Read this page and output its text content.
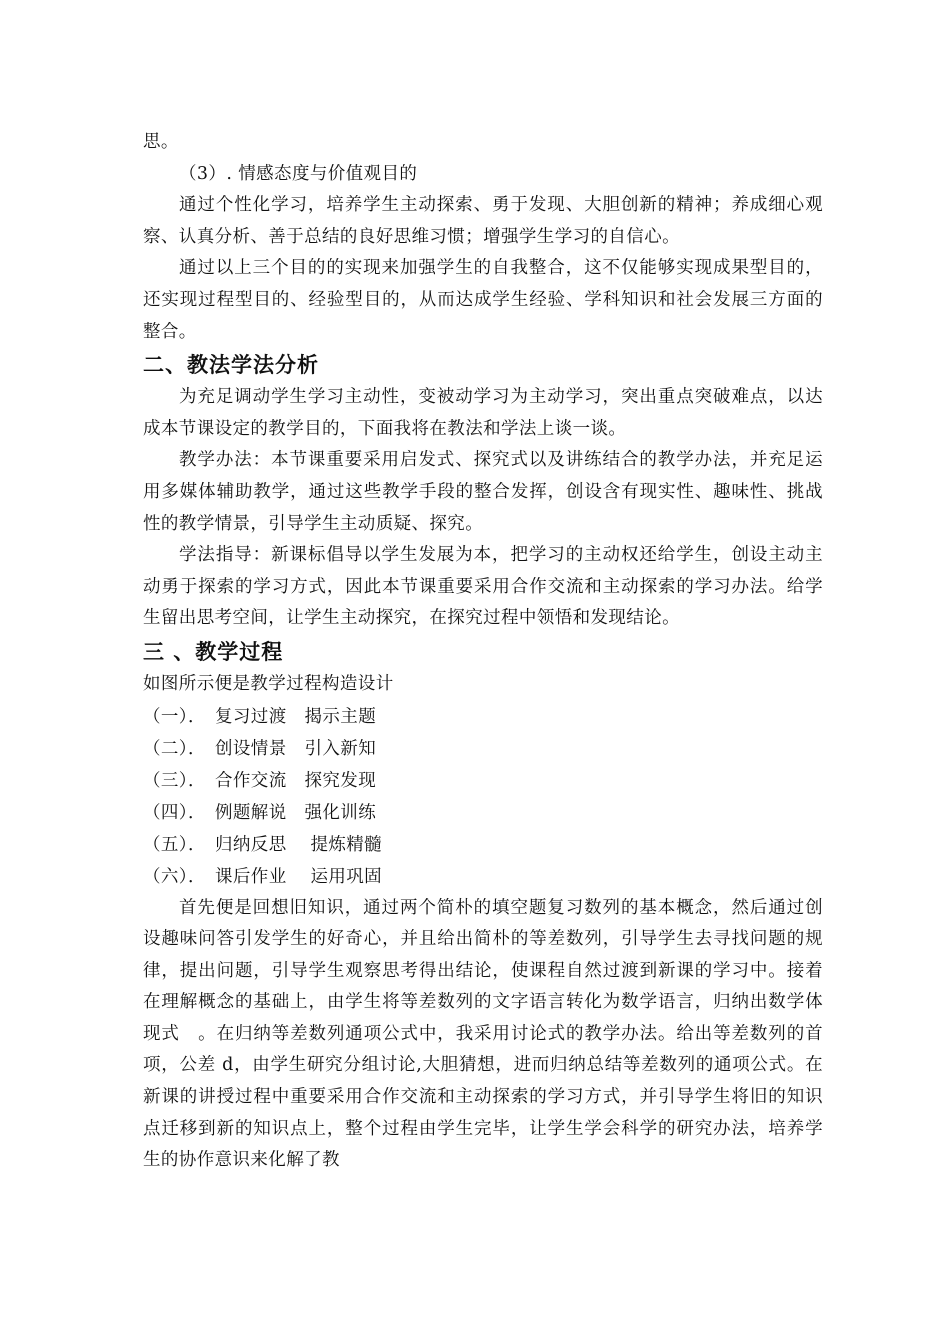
思。

（3）. 情感态度与价值观目的

通过个性化学习，培养学生主动探索、勇于发现、大胆创新的精神；养成细心观察、认真分析、善于总结的良好思维习惯；增强学生学习的自信心。

通过以上三个目的的实现来加强学生的自我整合，这不仅能够实现成果型目的，还实现过程型目的、经验型目的，从而达成学生经验、学科知识和社会发展三方面的整合。

二、教法学法分析

为充足调动学生学习主动性，变被动学习为主动学习，突出重点突破难点，以达成本节课设定的教学目的，下面我将在教法和学法上谈一谈。

教学办法：本节课重要采用启发式、探究式以及讲练结合的教学办法，并充足运用多媒体辅助教学，通过这些教学手段的整合发挥，创设含有现实性、趣味性、挑战性的教学情景，引导学生主动质疑、探究。

学法指导：新课标倡导以学生发展为本，把学习的主动权还给学生，创设主动主动勇于探索的学习方式，因此本节课重要采用合作交流和主动探索的学习办法。给学生留出思考空间，让学生主动探究，在探究过程中领悟和发现结论。

三 、教学过程

如图所示便是教学过程构造设计

（一）．　复习过渡　揭示主题

（二）．　创设情景　引入新知

（三）．　合作交流　探究发现

（四）．　例题解说　强化训练

（五）．　归纳反思　 提炼精髓

（六）．　课后作业　 运用巩固

首先便是回想旧知识，通过两个简朴的填空题复习数列的基本概念，然后通过创设趣味问答引发学生的好奇心，并且给出简朴的等差数列，引导学生去寻找问题的规律，提出问题，引导学生观察思考得出结论，使课程自然过渡到新课的学习中。接着在理解概念的基础上，由学生将等差数列的文字语言转化为数学语言，归纳出数学体现式　。在归纳等差数列通项公式中，我采用讨论式的教学办法。给出等差数列的首项，公差 d，由学生研究分组讨论,大胆猜想，进而归纳总结等差数列的通项公式。在新课的讲授过程中重要采用合作交流和主动探索的学习方式，并引导学生将旧的知识点迁移到新的知识点上，整个过程由学生完毕，让学生学会科学的研究办法，培养学生的协作意识来化解了教
